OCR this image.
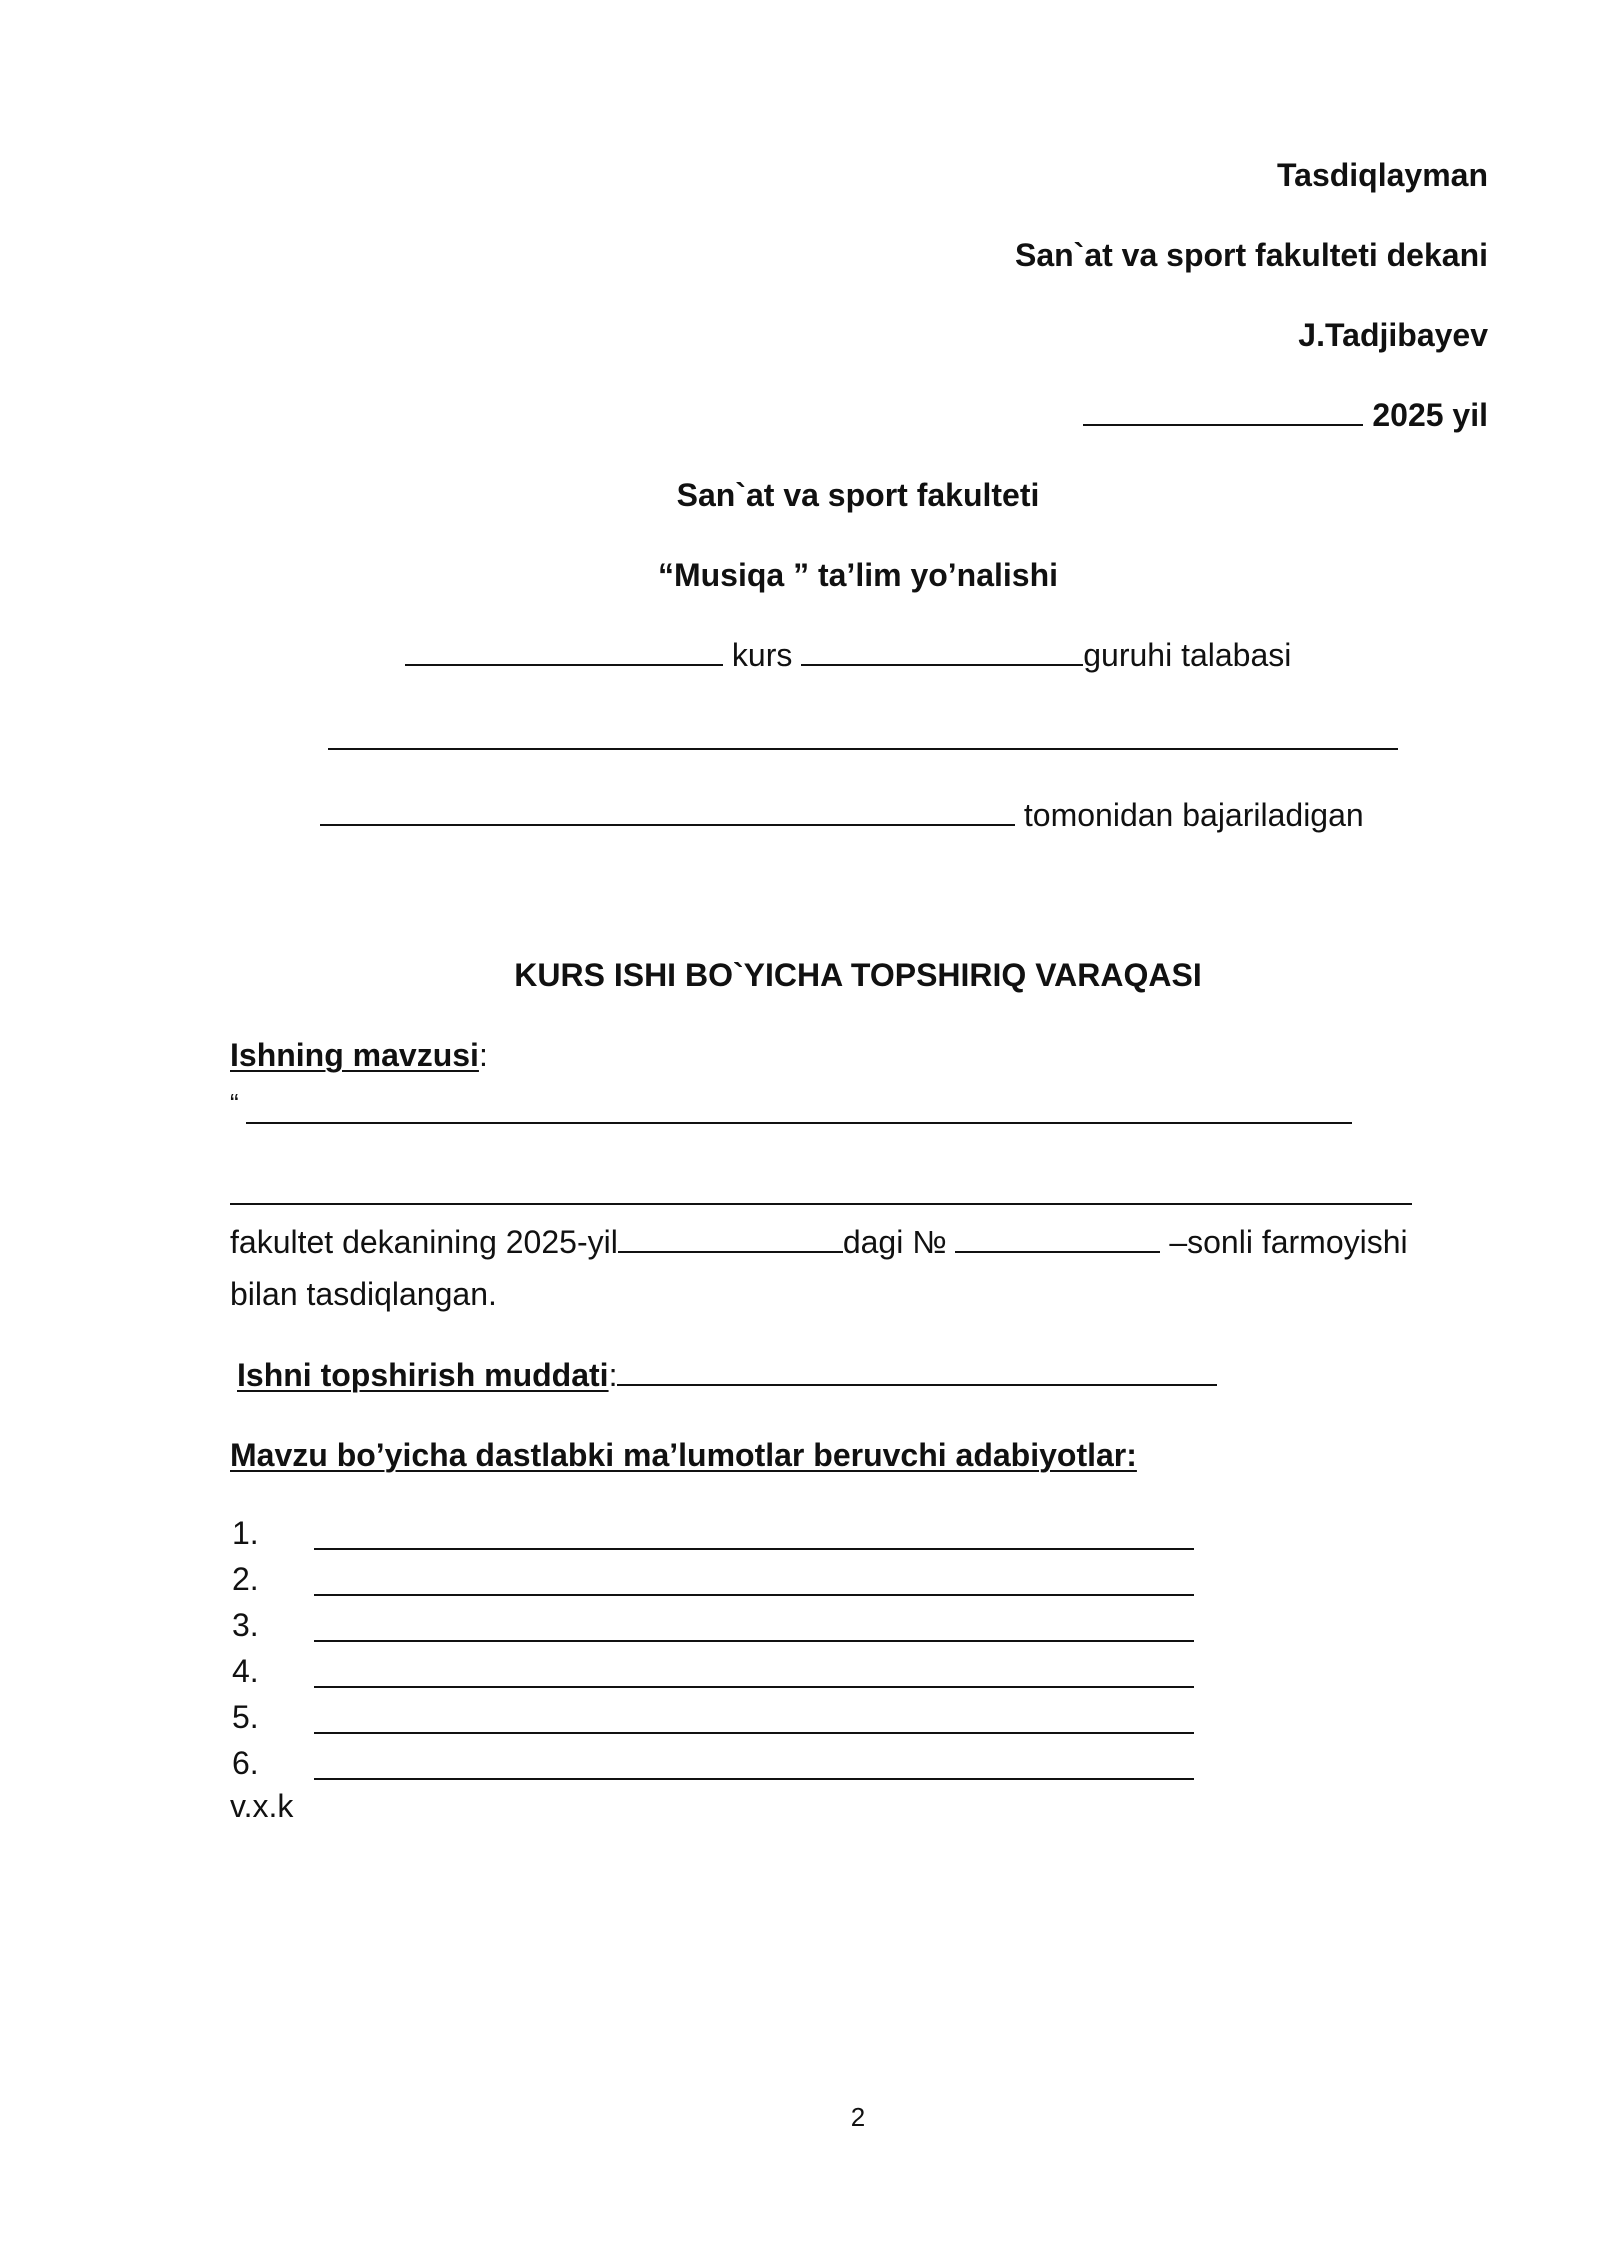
Tasdiqlayman
San`at va sport fakulteti dekani
J.Tadjibayev
2025 yil
San`at va sport fakulteti
“Musiqa ” ta’lim yo’nalishi
kurs	guruhi talabasi
tomonidan bajariladigan
KURS ISHI BO`YICHA TOPSHIRIQ VARAQASI
Ishning mavzusi:
“
fakultet dekanining 2025-yil	dagi №	–sonli farmoyishi
bilan tasdiqlangan.
Ishni topshirish muddati:
Mavzu bo’yicha dastlabki ma’lumotlar beruvchi adabiyotlar:
1.
2.
3.
4.
5.
6.
v.x.k
2
